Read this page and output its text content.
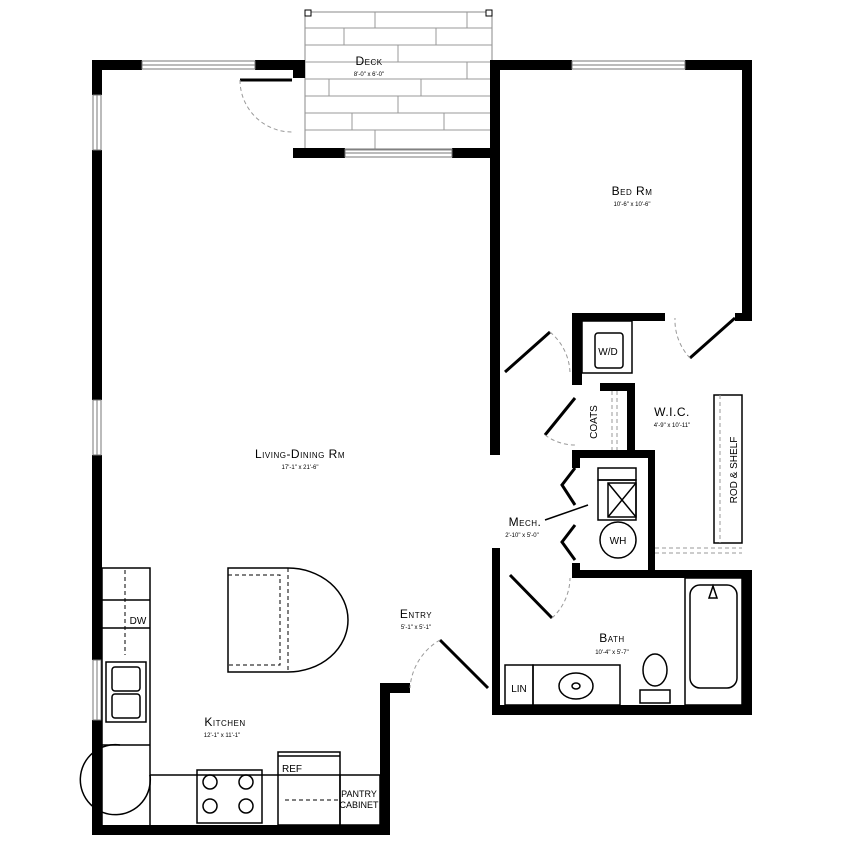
W/D
COATS
ROD & SHELF
WH
LIN
DW
REF
PANTRY
CABINET
Deck
8'-0" x 6'-0"
Bed Rm
10'-6" x 10'-6"
Living-Dining Rm
17'-1" x 21'-6"
W.I.C.
4'-9" x 10'-11"
Mech.
2'-10" x 5'-0"
Entry
5'-1" x 5'-1"
Bath
10'-4" x 5'-7"
Kitchen
12'-1" x 11'-1"
